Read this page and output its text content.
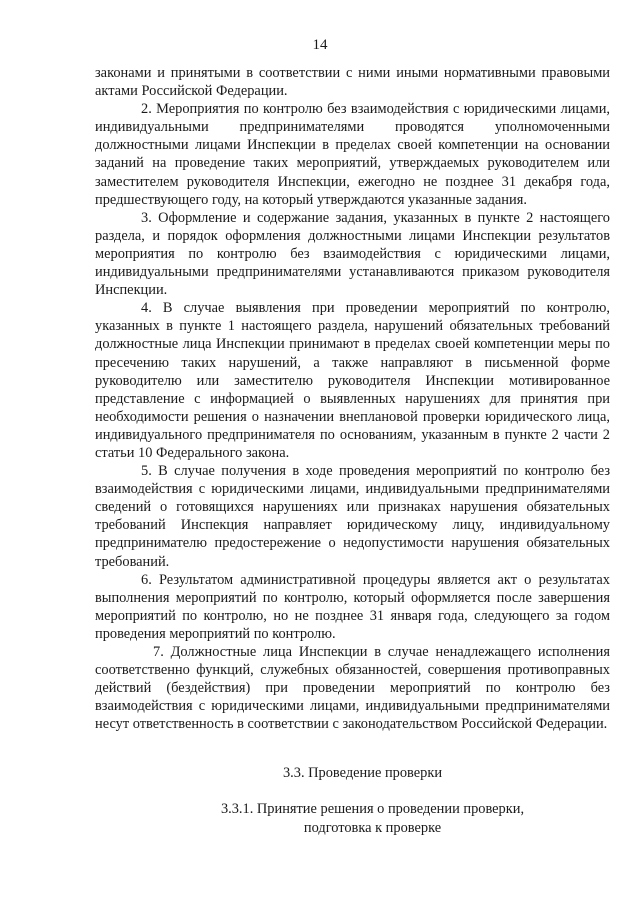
14

законами и принятыми в соответствии с ними иными нормативными правовыми актами Российской Федерации.

2. Мероприятия по контролю без взаимодействия с юридическими лицами, индивидуальными предпринимателями проводятся уполномоченными должностными лицами Инспекции в пределах своей компетенции на основании заданий на проведение таких мероприятий, утверждаемых руководителем или заместителем руководителя Инспекции, ежегодно не позднее 31 декабря года, предшествующего году, на который утверждаются указанные задания.

3. Оформление и содержание задания, указанных в пункте 2 настоящего раздела, и порядок оформления должностными лицами Инспекции результатов мероприятия по контролю без взаимодействия с юридическими лицами, индивидуальными предпринимателями устанавливаются приказом руководителя Инспекции.

4. В случае выявления при проведении мероприятий по контролю, указанных в пункте 1 настоящего раздела, нарушений обязательных требований должностные лица Инспекции принимают в пределах своей компетенции меры по пресечению таких нарушений, а также направляют в письменной форме руководителю или заместителю руководителя Инспекции мотивированное представление с информацией о выявленных нарушениях для принятия при необходимости решения о назначении внеплановой проверки юридического лица, индивидуального предпринимателя по основаниям, указанным в пункте 2 части 2 статьи 10 Федерального закона.

5. В случае получения в ходе проведения мероприятий по контролю без взаимодействия с юридическими лицами, индивидуальными предпринимателями сведений о готовящихся нарушениях или признаках нарушения обязательных требований Инспекция направляет юридическому лицу, индивидуальному предпринимателю предостережение о недопустимости нарушения обязательных требований.

6. Результатом административной процедуры является акт о результатах выполнения мероприятий по контролю, который оформляется после завершения мероприятий по контролю, но не позднее 31 января года, следующего за годом проведения мероприятий по контролю.

7. Должностные лица Инспекции в случае ненадлежащего исполнения соответственно функций, служебных обязанностей, совершения противоправных действий (бездействия) при проведении мероприятий по контролю без взаимодействия с юридическими лицами, индивидуальными предпринимателями несут ответственность в соответствии с законодательством Российской Федерации.

3.3. Проведение проверки

3.3.1. Принятие решения о проведении проверки,
подготовка к проверке
